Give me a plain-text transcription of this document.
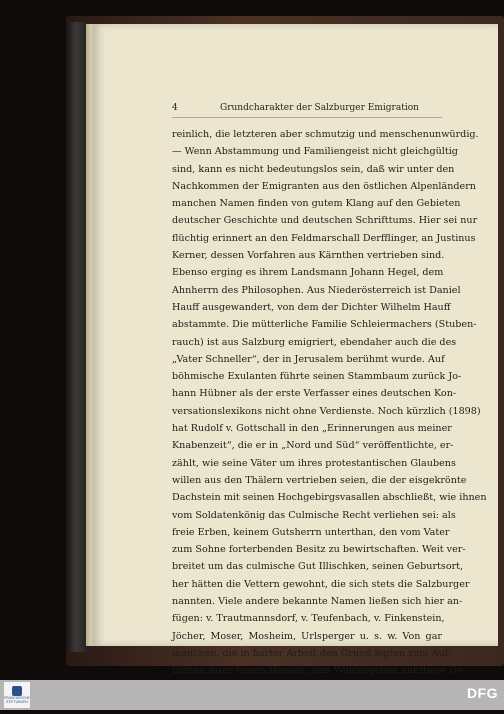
4	Grundcharakter der Salzburger Emigration
reinlich, die letzteren aber schmutzig und menschenunwürdig.
— Wenn Abstammung und Familiengeist nicht gleichgültig
sind, kann es nicht bedeutungslos sein, daß wir unter den
Nachkommen der Emigranten aus den östlichen Alpenländern
manchen Namen finden von gutem Klang auf den Gebieten
deutscher Geschichte und deutschen Schrifttums. Hier sei nur
flüchtig erinnert an den Feldmarschall Derfflinger, an Justinus
Kerner, dessen Vorfahren aus Kärnthen vertrieben sind.
Ebenso erging es ihrem Landsmann Johann Hegel, dem
Ahnherrn des Philosophen. Aus Niederösterreich ist Daniel
Hauff ausgewandert, von dem der Dichter Wilhelm Hauff
abstammte. Die mütterliche Familie Schleiermachers (Stuben-
rauch) ist aus Salzburg emigriert, ebendaher auch die des
„Vater Schneller“, der in Jerusalem berühmt wurde. Auf
böhmische Exulanten führte seinen Stammbaum zurück Jo-
hann Hübner als der erste Verfasser eines deutschen Kon-
versationslexikons nicht ohne Verdienste. Noch kürzlich (1898)
hat Rudolf v. Gottschall in den „Erinnerungen aus meiner
Knabenzeit“, die er in „Nord und Süd“ veröffentlichte, er-
zählt, wie seine Väter um ihres protestantischen Glaubens
willen aus den Thälern vertrieben seien, die der eisgekrönte
Dachstein mit seinen Hochgebirgsvasallen abschließt, wie ihnen
vom Soldatenkönig das Culmische Recht verliehen sei: als
freie Erben, keinem Gutsherrn unterthan, den vom Vater
zum Sohne forterbenden Besitz zu bewirtschaften. Weit ver-
breitet um das culmische Gut Illischken, seinen Geburtsort,
her hätten die Vettern gewohnt, die sich stets die Salzburger
nannten. Viele andere bekannte Namen ließen sich hier an-
fügen: v. Trautmannsdorf, v. Teufenbach, v. Finkenstein,
Jöcher, Moser, Mosheim, Urlsperger u. s. w. Von gar
manchen, die in harter Arbeit den Grund legten zum Auf-
blühen ihrer neuen Heimat, zum Wohlergehen künftiger Ge-
FRANCKESCHE STIFTUNGEN
DFG
